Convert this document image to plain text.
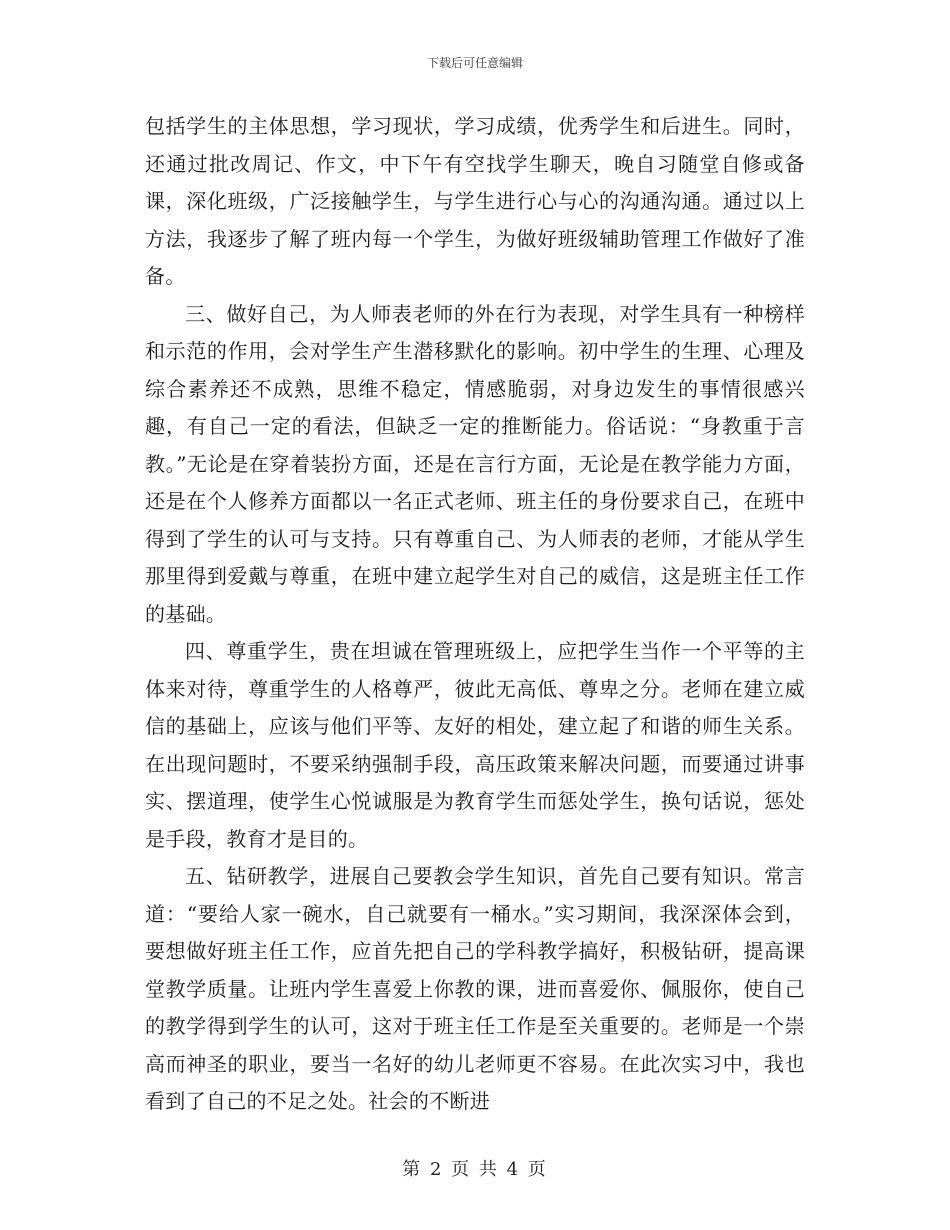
下载后可任意编辑

包括学生的主体思想，学习现状，学习成绩，优秀学生和后进生。同时，还通过批改周记、作文，中下午有空找学生聊天，晚自习随堂自修或备课，深化班级，广泛接触学生，与学生进行心与心的沟通沟通。通过以上方法，我逐步了解了班内每一个学生，为做好班级辅助管理工作做好了准备。

三、做好自己，为人师表老师的外在行为表现，对学生具有一种榜样和示范的作用，会对学生产生潜移默化的影响。初中学生的生理、心理及综合素养还不成熟，思维不稳定，情感脆弱，对身边发生的事情很感兴趣，有自己一定的看法，但缺乏一定的推断能力。俗话说：“身教重于言教。”无论是在穿着装扮方面，还是在言行方面，无论是在教学能力方面，还是在个人修养方面都以一名正式老师、班主任的身份要求自己，在班中得到了学生的认可与支持。只有尊重自己、为人师表的老师，才能从学生那里得到爱戴与尊重，在班中建立起学生对自己的威信，这是班主任工作的基础。

四、尊重学生，贵在坦诚在管理班级上，应把学生当作一个平等的主体来对待，尊重学生的人格尊严，彼此无高低、尊卑之分。老师在建立威信的基础上，应该与他们平等、友好的相处，建立起了和谐的师生关系。在出现问题时，不要采纳强制手段，高压政策来解决问题，而要通过讲事实、摆道理，使学生心悦诚服是为教育学生而惩处学生，换句话说，惩处是手段，教育才是目的。

五、钻研教学，进展自己要教会学生知识，首先自己要有知识。常言道：“要给人家一碗水，自己就要有一桶水。”实习期间，我深深体会到，要想做好班主任工作，应首先把自己的学科教学搞好，积极钻研，提高课堂教学质量。让班内学生喜爱上你教的课，进而喜爱你、佩服你，使自己的教学得到学生的认可，这对于班主任工作是至关重要的。老师是一个崇高而神圣的职业，要当一名好的幼儿老师更不容易。在此次实习中，我也看到了自己的不足之处。社会的不断进

第 2 页 共 4 页
